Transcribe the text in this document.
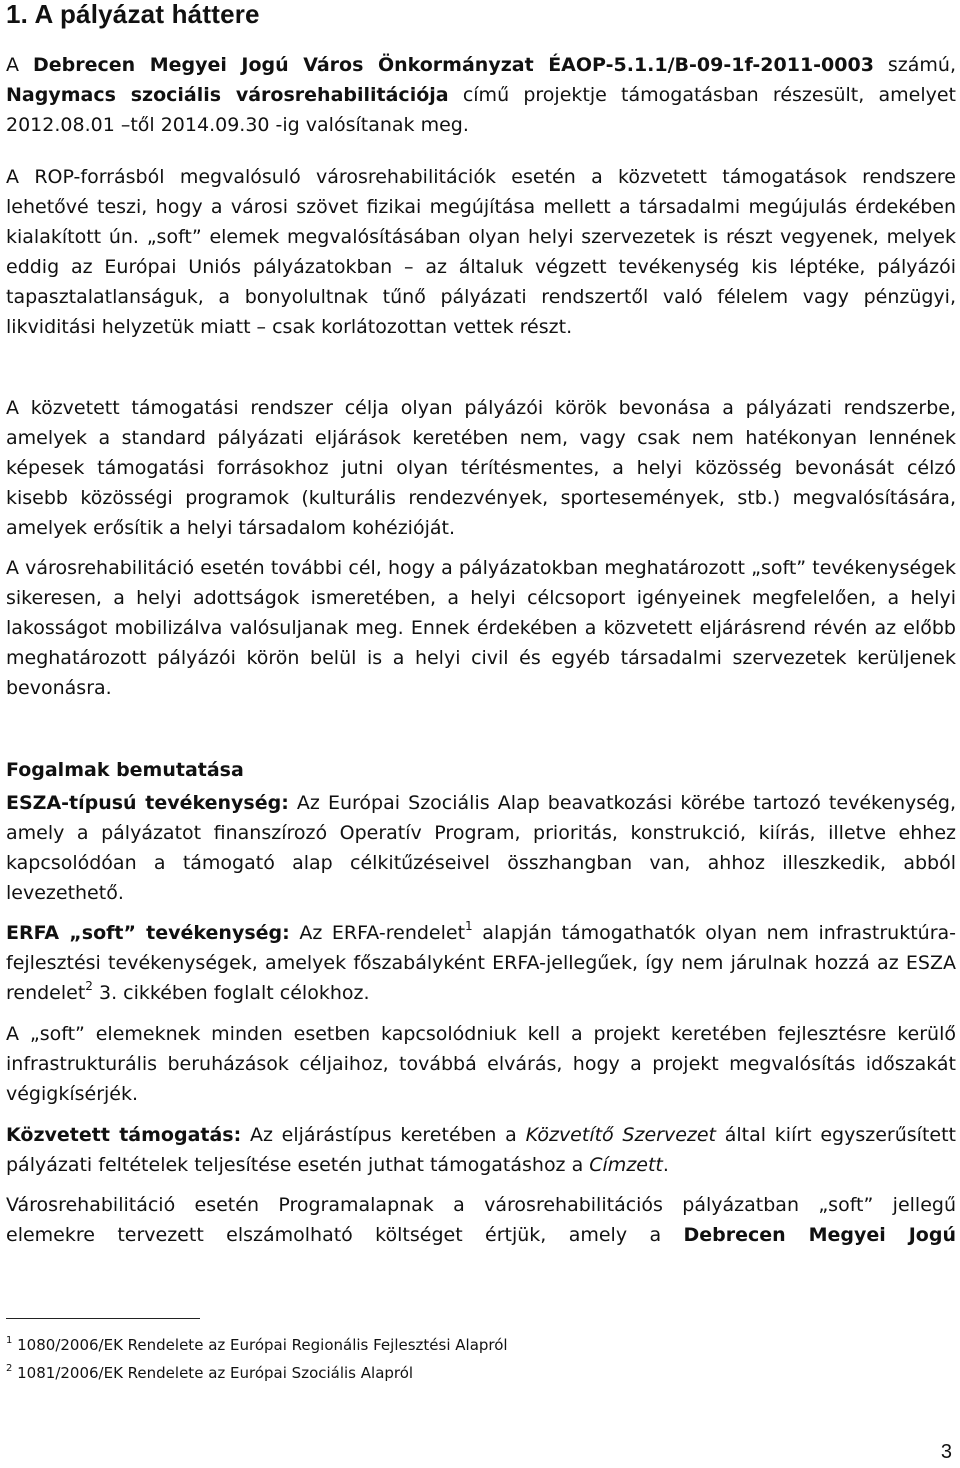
1. A pályázat háttere

A Debrecen Megyei Jogú Város Önkormányzat ÉAOP-5.1.1/B-09-1f-2011-0003 számú, Nagymacs szociális városrehabilitációja című projektje támogatásban részesült, amelyet 2012.08.01 –től 2014.09.30 -ig valósítanak meg.

A ROP-forrásból megvalósuló városrehabilitációk esetén a közvetett támogatások rendszere lehetővé teszi, hogy a városi szövet fizikai megújítása mellett a társadalmi megújulás érdekében kialakított ún. „soft” elemek megvalósításában olyan helyi szervezetek is részt vegyenek, melyek eddig az Európai Uniós pályázatokban – az általuk végzett tevékenység kis léptéke, pályázói tapasztalatlanságuk, a bonyolultnak tűnő pályázati rendszertől való félelem vagy pénzügyi, likviditási helyzetük miatt – csak korlátozottan vettek részt.

A közvetett támogatási rendszer célja olyan pályázói körök bevonása a pályázati rendszerbe, amelyek a standard pályázati eljárások keretében nem, vagy csak nem hatékonyan lennének képesek támogatási forrásokhoz jutni olyan térítésmentes, a helyi közösség bevonását célzó kisebb közösségi programok (kulturális rendezvények, sportesemények, stb.) megvalósítására, amelyek erősítik a helyi társadalom kohézióját.

A városrehabilitáció esetén további cél, hogy a pályázatokban meghatározott „soft” tevékenységek sikeresen, a helyi adottságok ismeretében, a helyi célcsoport igényeinek megfelelően, a helyi lakosságot mobilizálva valósuljanak meg. Ennek érdekében a közvetett eljárásrend révén az előbb meghatározott pályázói körön belül is a helyi civil és egyéb társadalmi szervezetek kerüljenek bevonásra.

Fogalmak bemutatása

ESZA-típusú tevékenység: Az Európai Szociális Alap beavatkozási körébe tartozó tevékenység, amely a pályázatot finanszírozó Operatív Program, prioritás, konstrukció, kiírás, illetve ehhez kapcsolódóan a támogató alap célkitűzéseivel összhangban van, ahhoz illeszkedik, abból levezethető.

ERFA „soft” tevékenység: Az ERFA-rendelet$^1$ alapján támogathatók olyan nem infrastruktúra-fejlesztési tevékenységek, amelyek főszabályként ERFA-jellegűek, így nem járulnak hozzá az ESZA rendelet$^2$ 3. cikkében foglalt célokhoz.

A „soft” elemeknek minden esetben kapcsolódniuk kell a projekt keretében fejlesztésre kerülő infrastrukturális beruházások céljaihoz, továbbá elvárás, hogy a projekt megvalósítás időszakát végigkísérjék.

Közvetett támogatás: Az eljárástípus keretében a Közvetítő Szervezet által kiírt egyszerűsített pályázati feltételek teljesítése esetén juthat támogatáshoz a Címzett.

Városrehabilitáció esetén Programalapnak a városrehabilitációs pályázatban „soft” jellegű elemekre tervezett elszámolható költséget értjük, amely a Debrecen Megyei Jogú

$^1$ 1080/2006/EK Rendelete az Európai Regionális Fejlesztési Alapról
$^2$ 1081/2006/EK Rendelete az Európai Szociális Alapról
3
